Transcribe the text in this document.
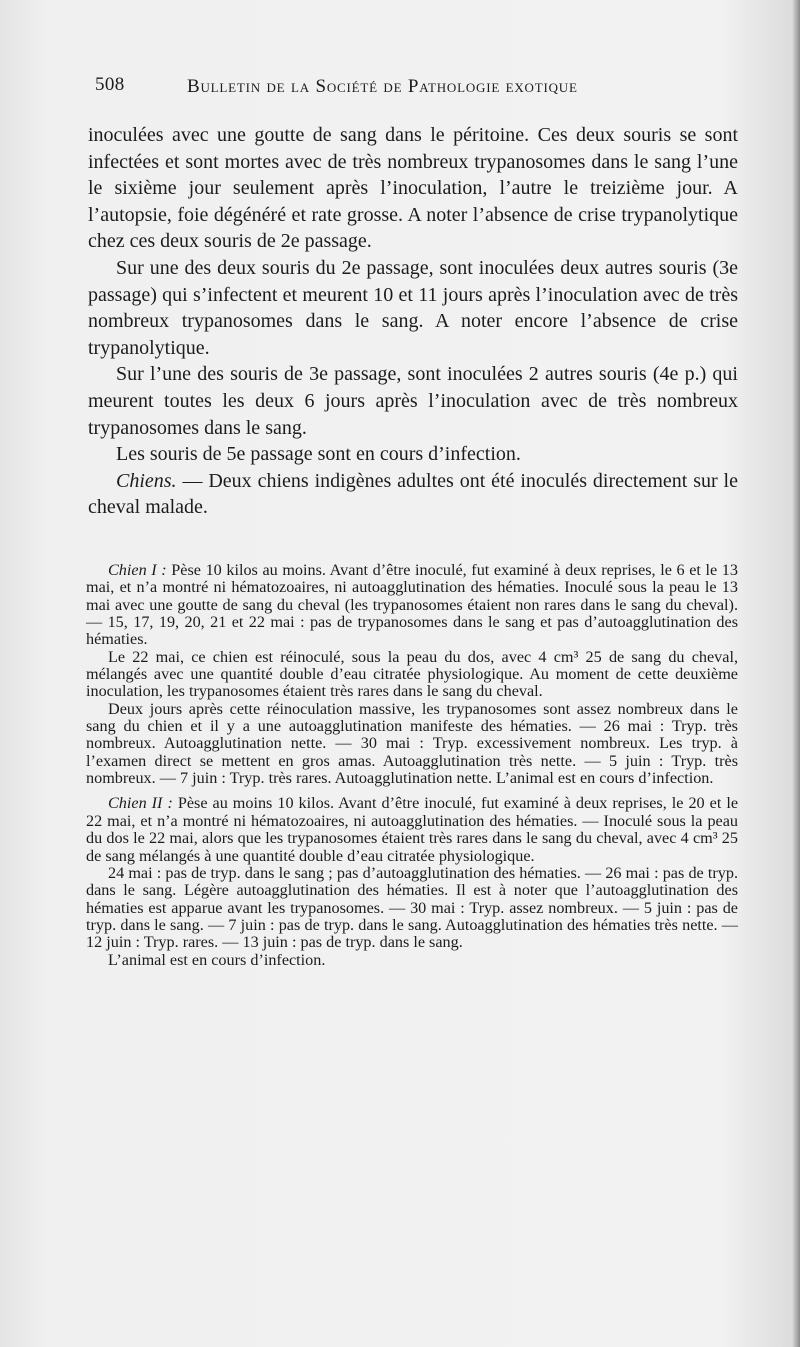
508	Bulletin de la Société de Pathologie exotique

inoculées avec une goutte de sang dans le péritoine. Ces deux souris se sont infectées et sont mortes avec de très nombreux trypanosomes dans le sang l’une le sixième jour seulement après l’inoculation, l’autre le treizième jour. A l’autopsie, foie dégénéré et rate grosse. A noter l’absence de crise trypanolytique chez ces deux souris de 2e passage.

Sur une des deux souris du 2e passage, sont inoculées deux autres souris (3e passage) qui s’infectent et meurent 10 et 11 jours après l’inoculation avec de très nombreux trypanosomes dans le sang. A noter encore l’absence de crise trypanolytique.

Sur l’une des souris de 3e passage, sont inoculées 2 autres souris (4e p.) qui meurent toutes les deux 6 jours après l’inoculation avec de très nombreux trypanosomes dans le sang.

Les souris de 5e passage sont en cours d’infection.

Chiens. — Deux chiens indigènes adultes ont été inoculés directement sur le cheval malade.

Chien I : Pèse 10 kilos au moins. Avant d’être inoculé, fut examiné à deux reprises, le 6 et le 13 mai, et n’a montré ni hématozoaires, ni autoagglutination des hématies. Inoculé sous la peau le 13 mai avec une goutte de sang du cheval (les trypanosomes étaient non rares dans le sang du cheval). — 15, 17, 19, 20, 21 et 22 mai : pas de trypanosomes dans le sang et pas d’autoagglutination des hématies.

Le 22 mai, ce chien est réinoculé, sous la peau du dos, avec 4 cm³ 25 de sang du cheval, mélangés avec une quantité double d’eau citratée physiologique. Au moment de cette deuxième inoculation, les trypanosomes étaient très rares dans le sang du cheval.

Deux jours après cette réinoculation massive, les trypanosomes sont assez nombreux dans le sang du chien et il y a une autoagglutination manifeste des hématies. — 26 mai : Tryp. très nombreux. Autoagglutination nette. — 30 mai : Tryp. excessivement nombreux. Les tryp. à l’examen direct se mettent en gros amas. Autoagglutination très nette. — 5 juin : Tryp. très nombreux. — 7 juin : Tryp. très rares. Autoagglutination nette. L’animal est en cours d’infection.

Chien II : Pèse au moins 10 kilos. Avant d’être inoculé, fut examiné à deux reprises, le 20 et le 22 mai, et n’a montré ni hématozoaires, ni autoagglutination des hématies. — Inoculé sous la peau du dos le 22 mai, alors que les trypanosomes étaient très rares dans le sang du cheval, avec 4 cm³ 25 de sang mélangés à une quantité double d’eau citratée physiologique.

24 mai : pas de tryp. dans le sang ; pas d’autoagglutination des hématies. — 26 mai : pas de tryp. dans le sang. Légère autoagglutination des hématies. Il est à noter que l’autoagglutination des hématies est apparue avant les trypanosomes. — 30 mai : Tryp. assez nombreux. — 5 juin : pas de tryp. dans le sang. — 7 juin : pas de tryp. dans le sang. Autoagglutination des hématies très nette. — 12 juin : Tryp. rares. — 13 juin : pas de tryp. dans le sang.

L’animal est en cours d’infection.
